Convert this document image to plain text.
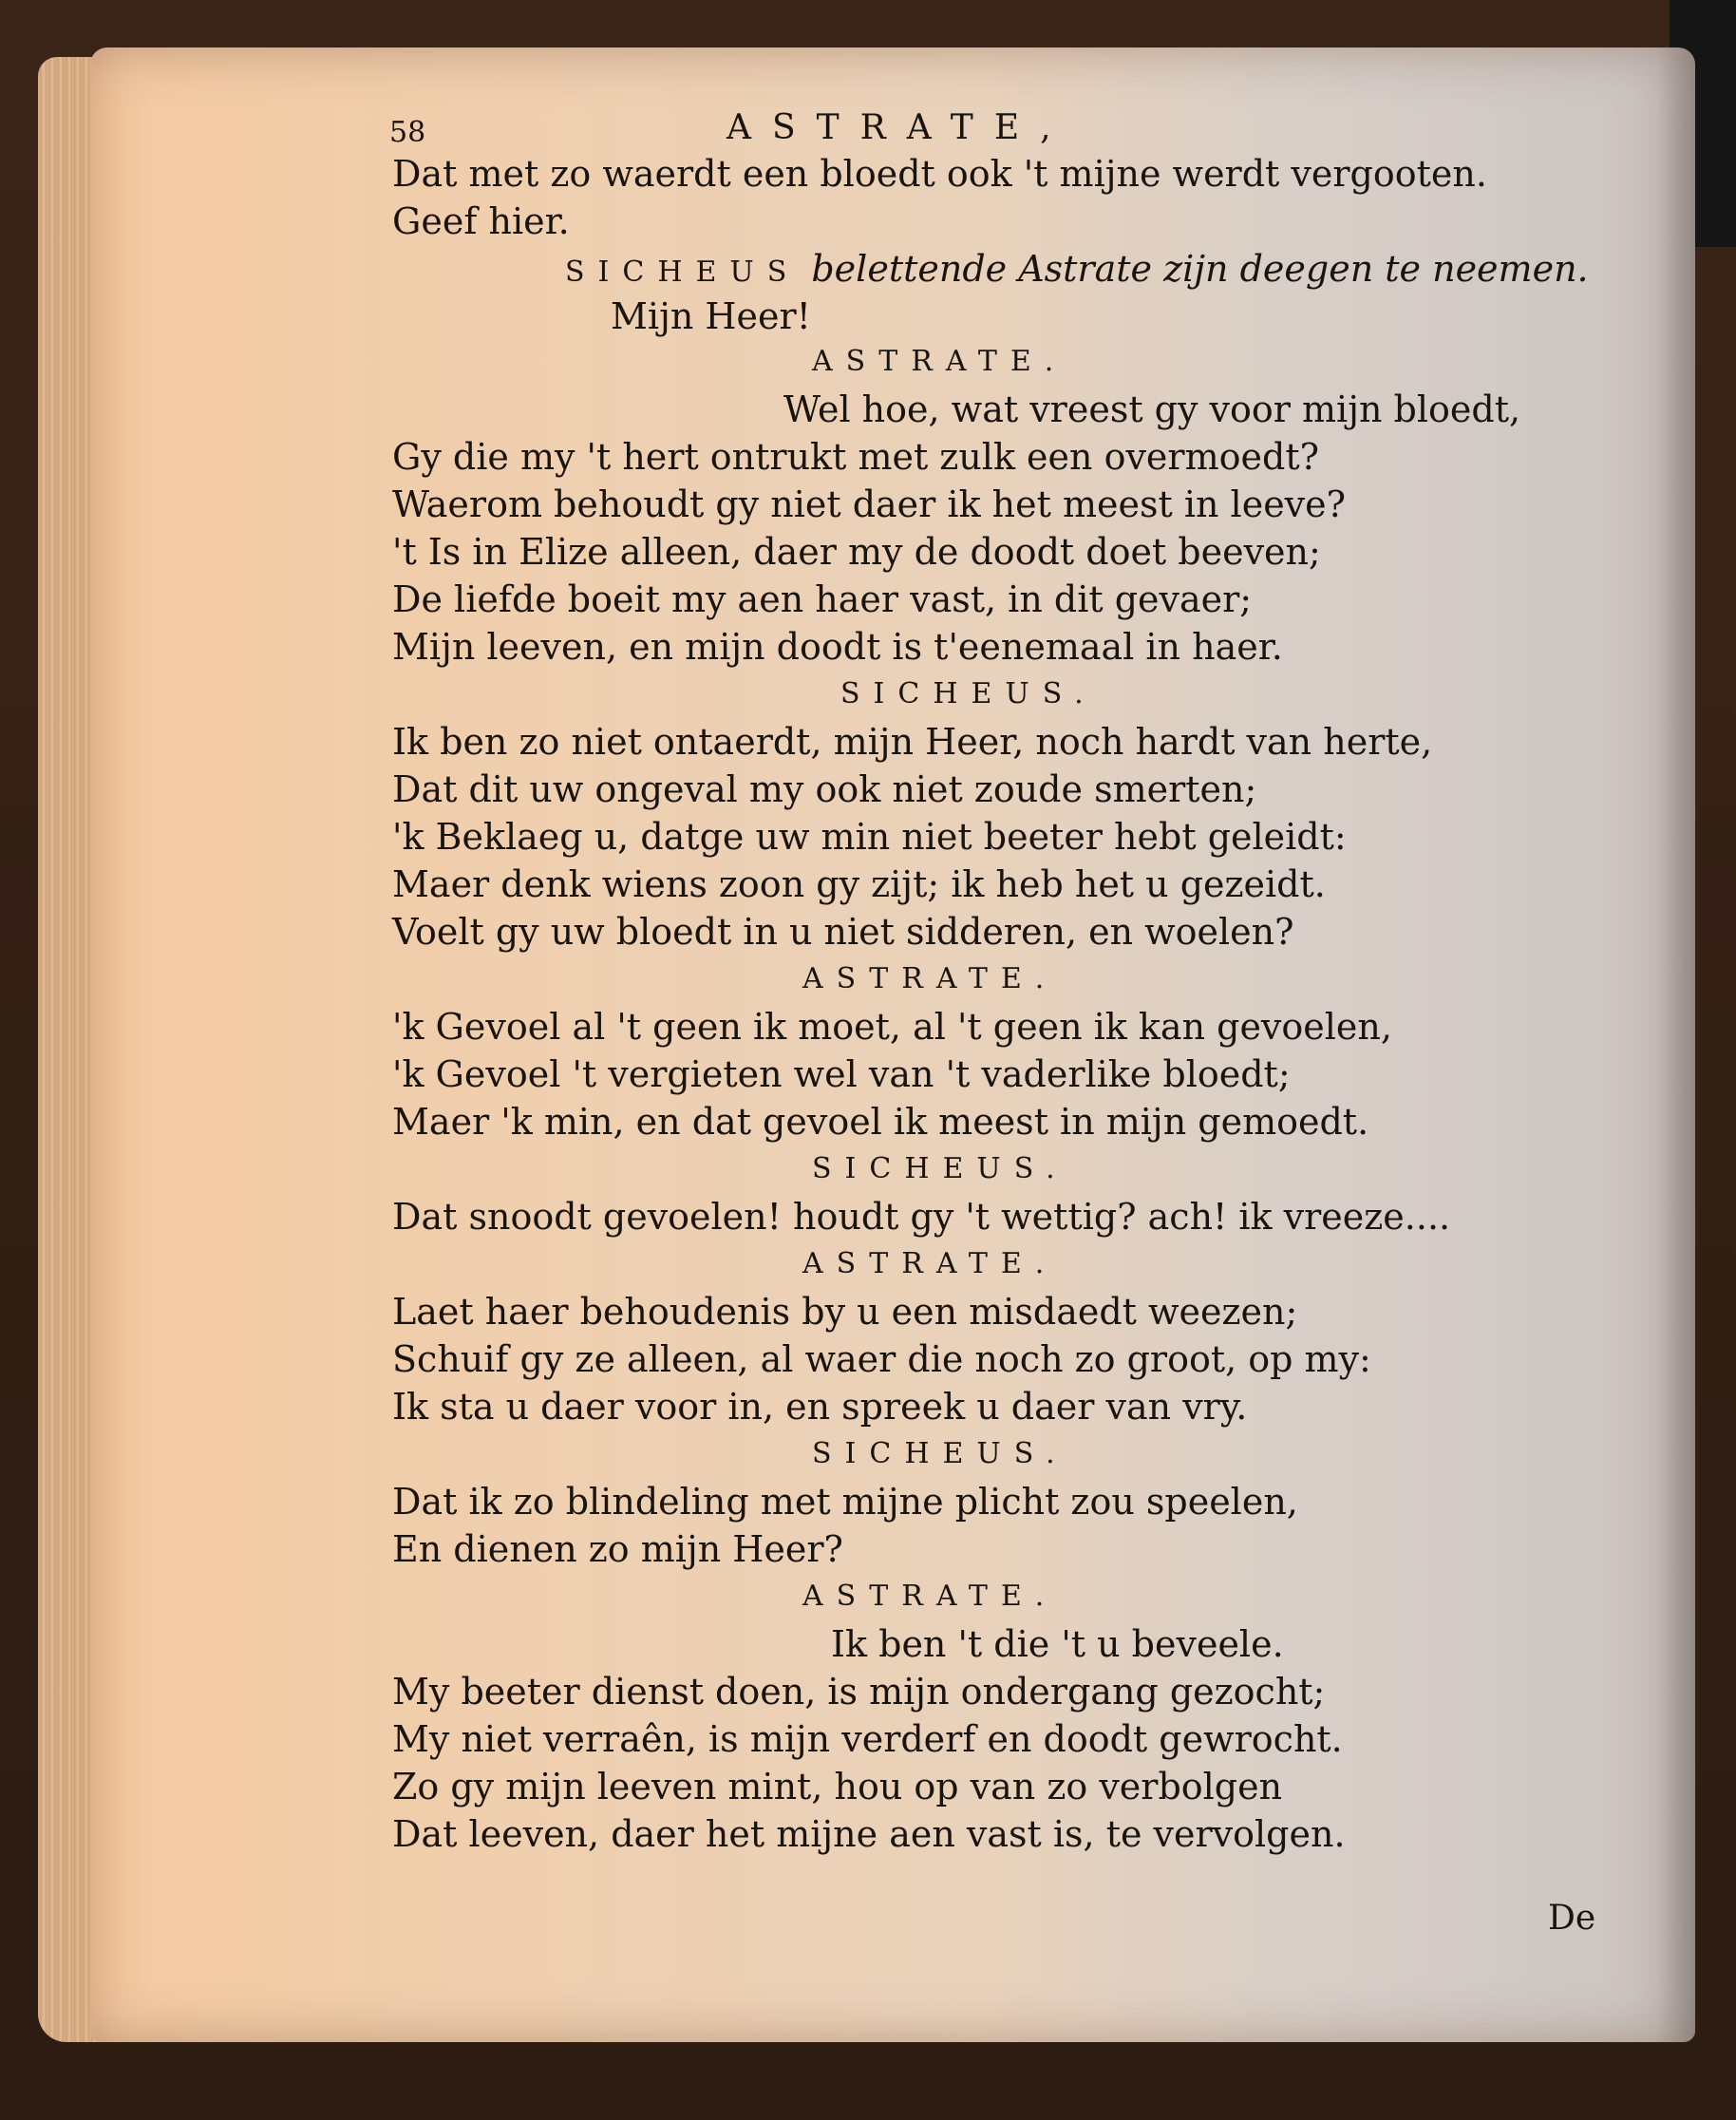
58	ASTRATE,
Dat met zo waerdt een bloedt ook 't mijne werdt vergooten.
Geef hier.
SICHEUS belettende Astrate zijn deegen te neemen.
Mijn Heer!
ASTRATE.
Wel hoe, wat vreest gy voor mijn bloedt,
Gy die my 't hert ontrukt met zulk een overmoedt?
Waerom behoudt gy niet daer ik het meest in leeve?
't Is in Elize alleen, daer my de doodt doet beeven;
De liefde boeit my aen haer vast, in dit gevaer;
Mijn leeven, en mijn doodt is t'eenemaal in haer.
SICHEUS.
Ik ben zo niet ontaerdt, mijn Heer, noch hardt van herte,
Dat dit uw ongeval my ook niet zoude smerten;
'k Beklaeg u, datge uw min niet beeter hebt geleidt:
Maer denk wiens zoon gy zijt; ik heb het u gezeidt.
Voelt gy uw bloedt in u niet sidderen, en woelen?
ASTRATE.
'k Gevoel al 't geen ik moet, al 't geen ik kan gevoelen,
'k Gevoel 't vergieten wel van 't vaderlike bloedt;
Maer 'k min, en dat gevoel ik meest in mijn gemoedt.
SICHEUS.
Dat snoodt gevoelen! houdt gy 't wettig? ach! ik vreeze....
ASTRATE.
Laet haer behoudenis by u een misdaedt weezen;
Schuif gy ze alleen, al waer die noch zo groot, op my:
Ik sta u daer voor in, en spreek u daer van vry.
SICHEUS.
Dat ik zo blindeling met mijne plicht zou speelen,
En dienen zo mijn Heer?
ASTRATE.
Ik ben 't die 't u beveele.
My beeter dienst doen, is mijn ondergang gezocht;
My niet verraên, is mijn verderf en doodt gewrocht.
Zo gy mijn leeven mint, hou op van zo verbolgen
Dat leeven, daer het mijne aen vast is, te vervolgen.
De
